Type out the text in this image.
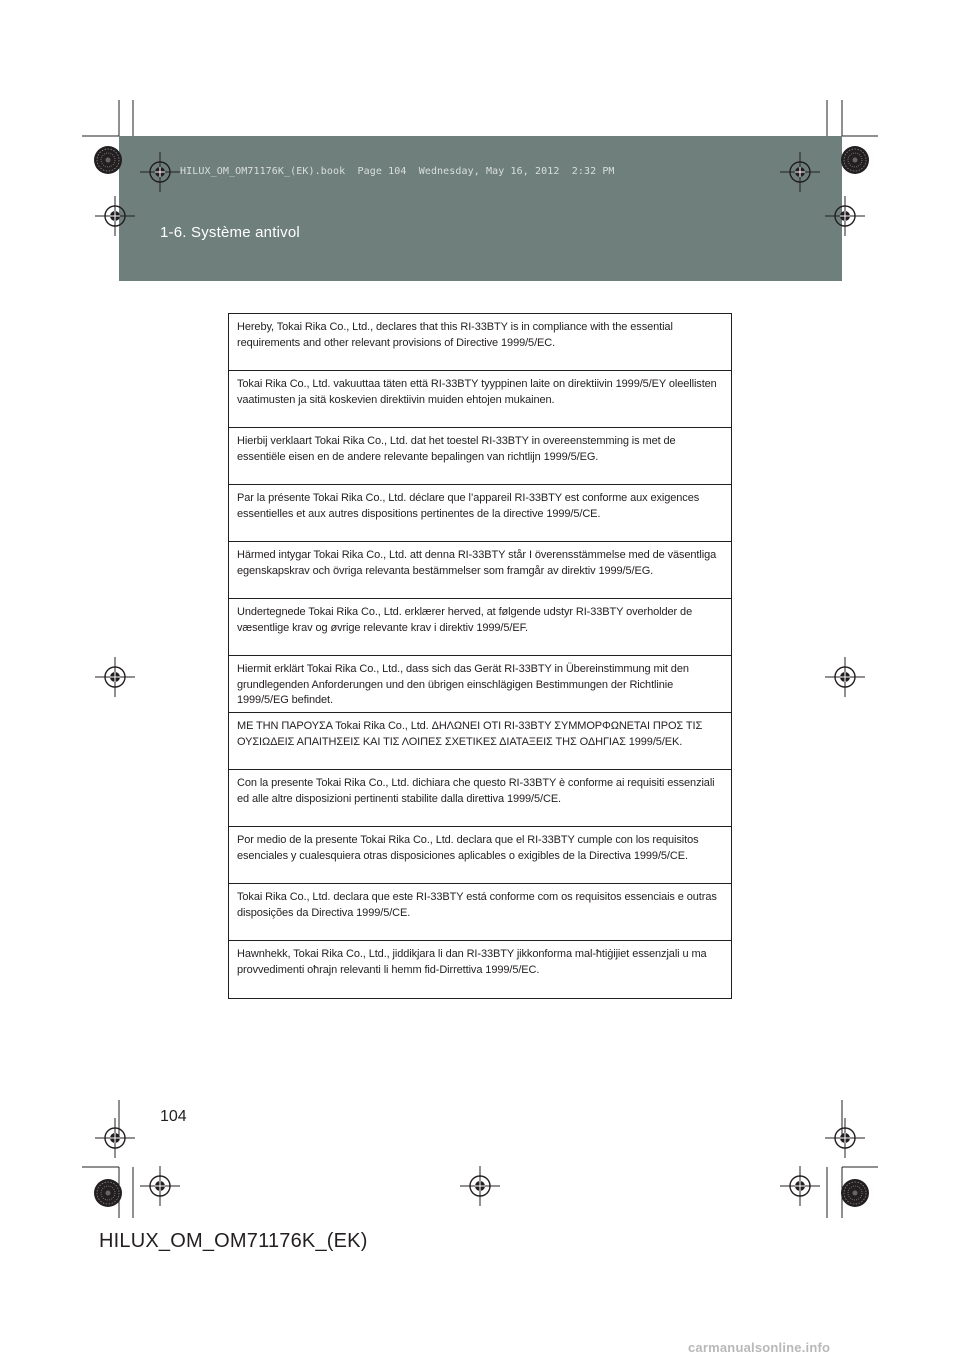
1-6. Système antivol
HILUX_OM_OM71176K_(EK).book  Page 104  Wednesday, May 16, 2012  2:32 PM
Hereby, Tokai Rika Co., Ltd., declares that this RI-33BTY is in compliance with the essential requirements and other relevant provisions of Directive 1999/5/EC.
Tokai Rika Co., Ltd. vakuuttaa täten että RI-33BTY tyyppinen laite on direktiivin 1999/5/EY oleellisten vaatimusten ja sitä koskevien direktiivin muiden ehtojen mukainen.
Hierbij verklaart Tokai Rika Co., Ltd. dat het toestel RI-33BTY in overeenstemming is met de essentiële eisen en de andere relevante bepalingen van richtlijn 1999/5/EG.
Par la présente Tokai Rika Co., Ltd. déclare que l’appareil RI-33BTY est conforme aux exigences essentielles et aux autres dispositions pertinentes de la directive 1999/5/CE.
Härmed intygar Tokai Rika Co., Ltd. att denna RI-33BTY står I överensstämmelse med de väsentliga egenskapskrav och övriga relevanta bestämmelser som framgår av direktiv 1999/5/EG.
Undertegnede Tokai Rika Co., Ltd. erklærer herved, at følgende udstyr RI-33BTY overholder de væsentlige krav og øvrige relevante krav i direktiv 1999/5/EF.
Hiermit erklärt Tokai Rika Co., Ltd., dass sich das Gerät RI-33BTY in Übereinstimmung mit den grundlegenden Anforderungen und den übrigen einschlägigen Bestimmungen der Richtlinie 1999/5/EG befindet.
ΜΕ ΤΗΝ ΠΑΡΟΥΣΑ Tokai Rika Co., Ltd. ΔΗΛΩΝΕΙ ΟΤΙ RI-33BTY ΣΥΜΜΟΡΦΩΝΕΤΑΙ ΠΡΟΣ ΤΙΣ ΟΥΣΙΩΔΕΙΣ ΑΠΑΙΤΗΣΕΙΣ ΚΑΙ ΤΙΣ ΛΟΙΠΕΣ ΣΧΕΤΙΚΕΣ ΔΙΑΤΑΞΕΙΣ ΤΗΣ ΟΔΗΓΙΑΣ 1999/5/ΕΚ.
Con la presente Tokai Rika Co., Ltd. dichiara che questo RI-33BTY è conforme ai requisiti essenziali ed alle altre disposizioni pertinenti stabilite dalla direttiva 1999/5/CE.
Por medio de la presente Tokai Rika Co., Ltd. declara que el RI-33BTY cumple con los requisitos esenciales y cualesquiera otras disposiciones aplicables o exigibles de la Directiva 1999/5/CE.
Tokai Rika Co., Ltd. declara que este RI-33BTY está conforme com os requisitos essenciais e outras disposições da Directiva 1999/5/CE.
Hawnhekk, Tokai Rika Co., Ltd., jiddikjara li dan RI-33BTY jikkonforma mal-ħtiġijiet essenzjali u ma provvedimenti oħrajn relevanti li hemm fid-Dirrettiva 1999/5/EC.
104
HILUX_OM_OM71176K_(EK)
carmanualsonline.info
